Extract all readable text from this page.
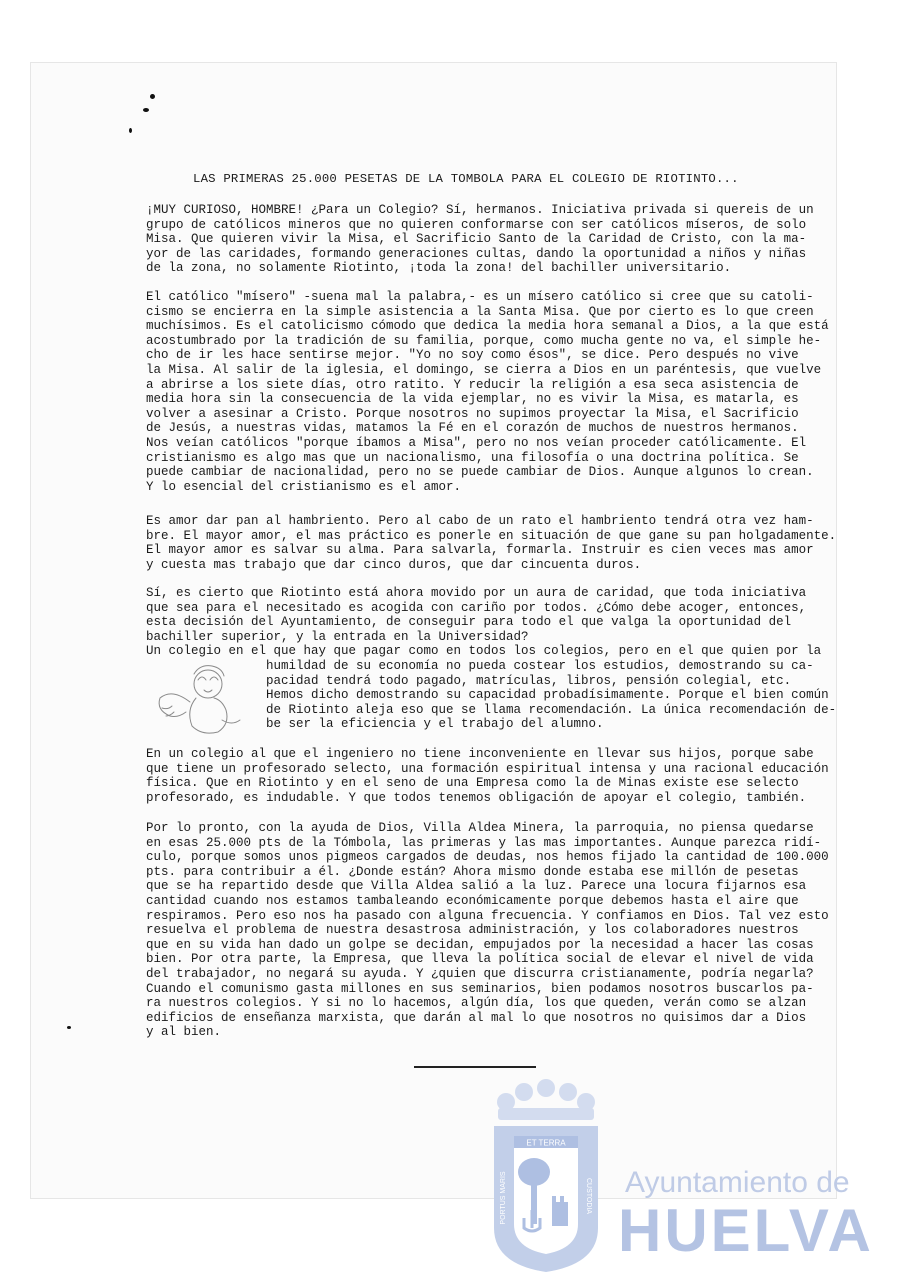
LAS PRIMERAS 25.000 PESETAS DE LA TOMBOLA PARA EL COLEGIO DE RIOTINTO...
¡MUY CURIOSO, HOMBRE! ¿Para un Colegio? Sí, hermanos. Iniciativa privada si quereis de un
grupo de católicos mineros que no quieren conformarse con ser católicos míseros, de solo
Misa. Que quieren vivir la Misa, el Sacrificio Santo de la Caridad de Cristo, con la ma-
yor de las caridades, formando generaciones cultas, dando la oportunidad a niños y niñas
de la zona, no solamente Riotinto, ¡toda la zona! del bachiller universitario.
El católico "mísero" -suena mal la palabra,- es un mísero católico si cree que su catoli-
cismo se encierra en la simple asistencia a la Santa Misa. Que por cierto es lo que creen
muchísimos. Es el catolicismo cómodo que dedica la media hora semanal a Dios, a la que está
acostumbrado por la tradición de su familia, porque, como mucha gente no va, el simple he-
cho de ir les hace sentirse mejor. "Yo no soy como ésos", se dice. Pero después no vive
la Misa. Al salir de la iglesia, el domingo, se cierra a Dios en un paréntesis, que vuelve
a abrirse a los siete días, otro ratito. Y reducir la religión a esa seca asistencia de
media hora sin la consecuencia de la vida ejemplar, no es vivir la Misa, es matarla, es
volver a asesinar a Cristo. Porque nosotros no supimos proyectar la Misa, el Sacrificio
de Jesús, a nuestras vidas, matamos la Fé en el corazón de muchos de nuestros hermanos.
Nos veían católicos "porque íbamos a Misa", pero no nos veían proceder católicamente. El
cristianismo es algo mas que un nacionalismo, una filosofía o una doctrina política. Se
puede cambiar de nacionalidad, pero no se puede cambiar de Dios. Aunque algunos lo crean.
Y lo esencial del cristianismo es el amor.
Es amor dar pan al hambriento. Pero al cabo de un rato el hambriento tendrá otra vez ham-
bre. El mayor amor, el mas práctico es ponerle en situación de que gane su pan holgadamente.
El mayor amor es salvar su alma. Para salvarla, formarla. Instruir es cien veces mas amor
y cuesta mas trabajo que dar cinco duros, que dar cincuenta duros.
Sí, es cierto que Riotinto está ahora movido por un aura de caridad, que toda iniciativa
que sea para el necesitado es acogida con cariño por todos. ¿Cómo debe acoger, entonces,
esta decisión del Ayuntamiento, de conseguir para todo el que valga la oportunidad del
bachiller superior, y la entrada en la Universidad?
Un colegio en el que hay que pagar como en todos los colegios, pero en el que quien por la
humildad de su economía no pueda costear los estudios, demostrando su ca-
pacidad tendrá todo pagado, matrículas, libros, pensión colegial, etc.
Hemos dicho demostrando su capacidad probadísimamente. Porque el bien común
de Riotinto aleja eso que se llama recomendación. La única recomendación de-
be ser la eficiencia y el trabajo del alumno.
En un colegio al que el ingeniero no tiene inconveniente en llevar sus hijos, porque sabe
que tiene un profesorado selecto, una formación espiritual intensa y una racional educación
física. Que en Riotinto y en el seno de una Empresa como la de Minas existe ese selecto
profesorado, es indudable. Y que todos tenemos obligación de apoyar el colegio, también.
Por lo pronto, con la ayuda de Dios, Villa Aldea Minera, la parroquia, no piensa quedarse
en esas 25.000 pts de la Tómbola, las primeras y las mas importantes. Aunque parezca ridí-
culo, porque somos unos pigmeos cargados de deudas, nos hemos fijado la cantidad de 100.000
pts. para contribuir a él. ¿Donde están? Ahora mismo donde estaba ese millón de pesetas
que se ha repartido desde que Villa Aldea salió a la luz. Parece una locura fijarnos esa
cantidad cuando nos estamos tambaleando económicamente porque debemos hasta el aire que
respiramos. Pero eso nos ha pasado con alguna frecuencia. Y confiamos en Dios. Tal vez esto
resuelva el problema de nuestra desastrosa administración, y los colaboradores nuestros
que en su vida han dado un golpe se decidan, empujados por la necesidad a hacer las cosas
bien. Por otra parte, la Empresa, que lleva la política social de elevar el nivel de vida
del trabajador, no negará su ayuda. Y ¿quien que discurra cristianamente, podría negarla?
Cuando el comunismo gasta millones en sus seminarios, bien podamos nosotros buscarlos pa-
ra nuestros colegios. Y si no lo hacemos, algún día, los que queden, verán como se alzan
edificios de enseñanza marxista, que darán al mal lo que nosotros no quisimos dar a Dios
y al bien.
ET TERRA
PORTUS MARIS	CUSTODIA Ayuntamiento de
HUELVA
